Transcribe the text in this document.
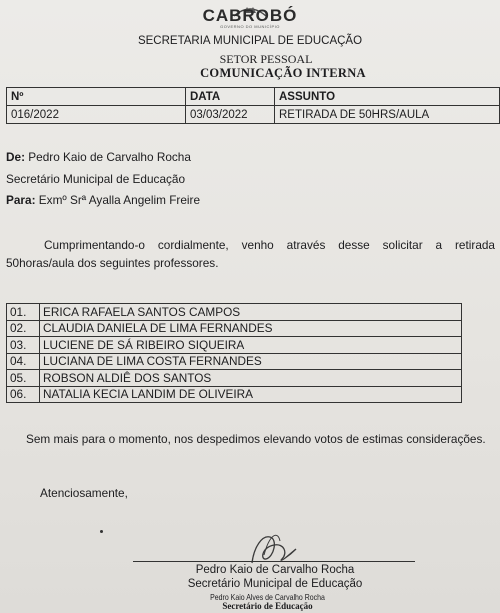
CABROBÓ
GOVERNO DO MUNICÍPIO
SECRETARIA MUNICIPAL DE EDUCAÇÃO
SETOR PESSOAL
COMUNICAÇÃO INTERNA
Nº	DATA	ASSUNTO
016/2022	03/03/2022	RETIRADA DE 50HRS/AULA
De: Pedro Kaio de Carvalho Rocha
Secretário Municipal de Educação
Para: Exmº Srª Ayalla Angelim Freire
Cumprimentando-o cordialmente, venho através desse solicitar a retirada 50horas/aula dos seguintes professores.
01.	ERICA RAFAELA SANTOS CAMPOS
02.	CLAUDIA DANIELA DE LIMA FERNANDES
03.	LUCIENE DE SÁ RIBEIRO SIQUEIRA
04.	LUCIANA DE LIMA COSTA FERNANDES
05.	ROBSON ALDIÊ DOS SANTOS
06.	NATALIA KECIA LANDIM DE OLIVEIRA
Sem mais para o momento, nos despedimos elevando votos de estimas considerações.
Atenciosamente,
Pedro Kaio de Carvalho Rocha
Secretário Municipal de Educação
Pedro Kaio Alves de Carvalho Rocha
Secretário de Educação
